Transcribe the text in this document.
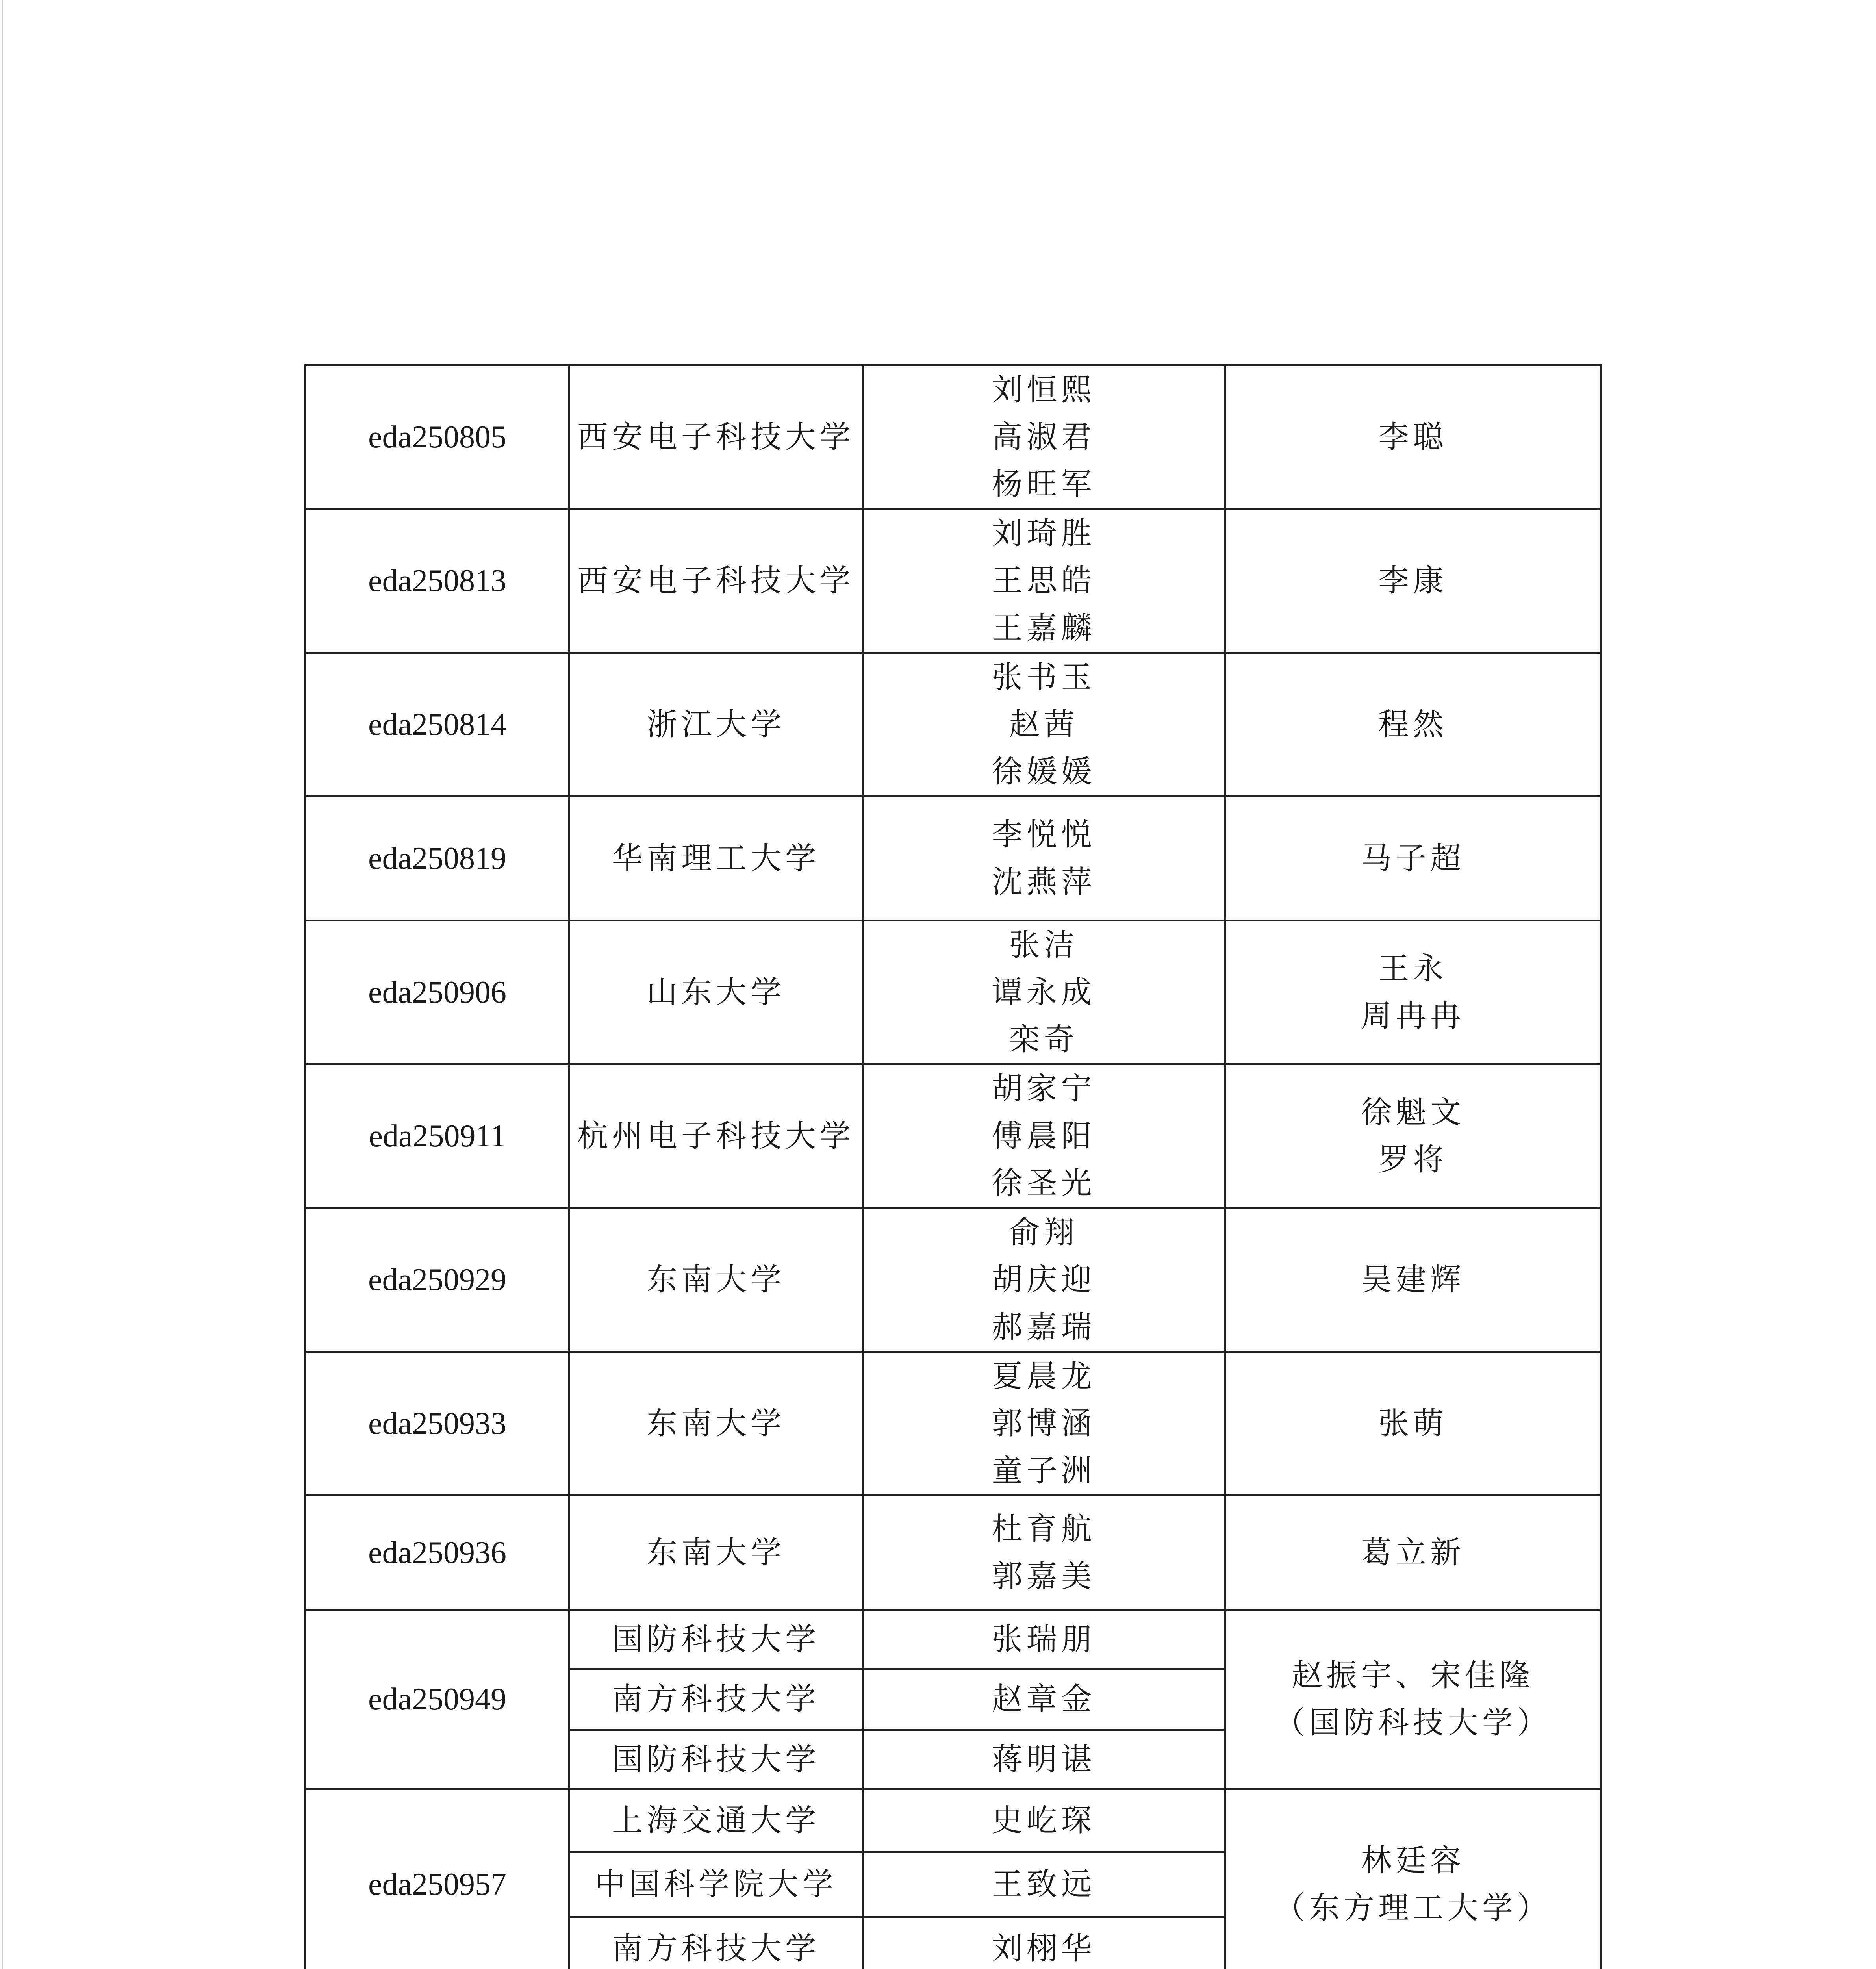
eda250805	西安电子科技大学	刘恒熙
高淑君
杨旺军	李聪

eda250813	西安电子科技大学	刘琦胜
王思皓
王嘉麟	李康

eda250814	浙江大学	张书玉
赵茜
徐媛媛	程然

eda250819	华南理工大学	李悦悦
沈燕萍	马子超

eda250906	山东大学	张洁
谭永成
栾奇	王永
周冉冉

eda250911	杭州电子科技大学	胡家宁
傅晨阳
徐圣光	徐魁文
罗将

eda250929	东南大学	俞翔
胡庆迎
郝嘉瑞	吴建辉

eda250933	东南大学	夏晨龙
郭博涵
童子洲	张萌

eda250936	东南大学	杜育航
郭嘉美	葛立新

eda250949	国防科技大学	张瑞朋	赵振宇、宋佳隆
（国防科技大学）

	南方科技大学	赵章金	

	国防科技大学	蒋明谌	

eda250957	上海交通大学	史屹琛	林廷容
（东方理工大学）

	中国科学院大学	王致远	

	南方科技大学	刘栩华	
